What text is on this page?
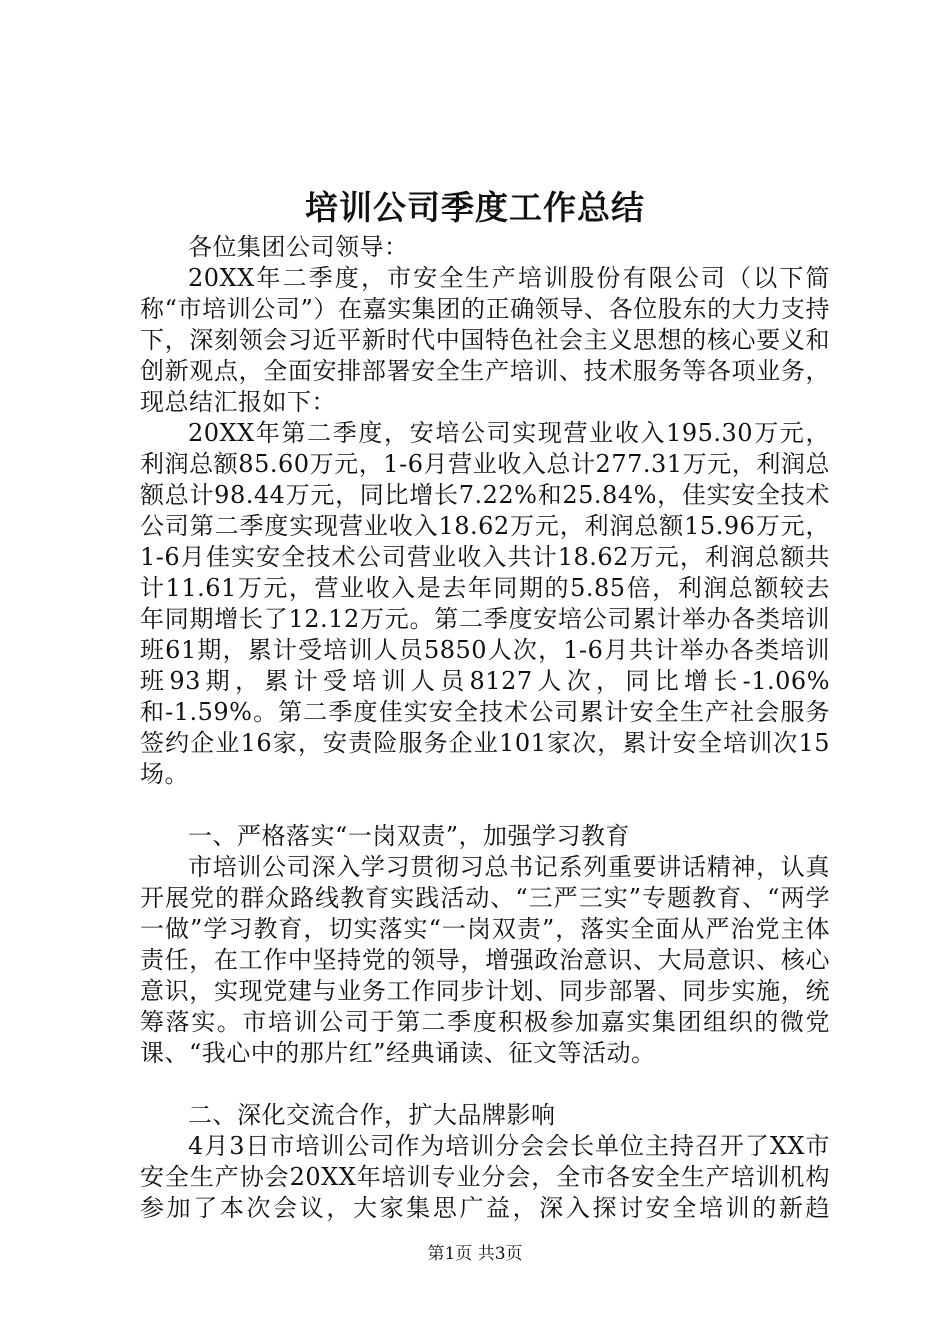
培训公司季度工作总结

各位集团公司领导：

20XX年二季度，市安全生产培训股份有限公司（以下简称“市培训公司”）在嘉实集团的正确领导、各位股东的大力支持下，深刻领会习近平新时代中国特色社会主义思想的核心要义和创新观点，全面安排部署安全生产培训、技术服务等各项业务，现总结汇报如下：

20XX年第二季度，安培公司实现营业收入195.30万元，利润总额85.60万元，1-6月营业收入总计277.31万元，利润总额总计98.44万元，同比增长7.22%和25.84%，佳实安全技术公司第二季度实现营业收入18.62万元，利润总额15.96万元，1-6月佳实安全技术公司营业收入共计18.62万元，利润总额共计11.61万元，营业收入是去年同期的5.85倍，利润总额较去年同期增长了12.12万元。第二季度安培公司累计举办各类培训班61期，累计受培训人员5850人次，1-6月共计举办各类培训班93期，累计受培训人员8127人次，同比增长-1.06%和-1.59%。第二季度佳实安全技术公司累计安全生产社会服务签约企业16家，安责险服务企业101家次，累计安全培训次15场。

一、严格落实“一岗双责”，加强学习教育

市培训公司深入学习贯彻习总书记系列重要讲话精神，认真开展党的群众路线教育实践活动、“三严三实”专题教育、“两学一做”学习教育，切实落实“一岗双责”，落实全面从严治党主体责任，在工作中坚持党的领导，增强政治意识、大局意识、核心意识，实现党建与业务工作同步计划、同步部署、同步实施，统筹落实。市培训公司于第二季度积极参加嘉实集团组织的微党课、“我心中的那片红”经典诵读、征文等活动。

二、深化交流合作，扩大品牌影响

4月3日市培训公司作为培训分会会长单位主持召开了XX市安全生产协会20XX年培训专业分会，全市各安全生产培训机构参加了本次会议，大家集思广益，深入探讨安全培训的新趋

第1页 共3页
